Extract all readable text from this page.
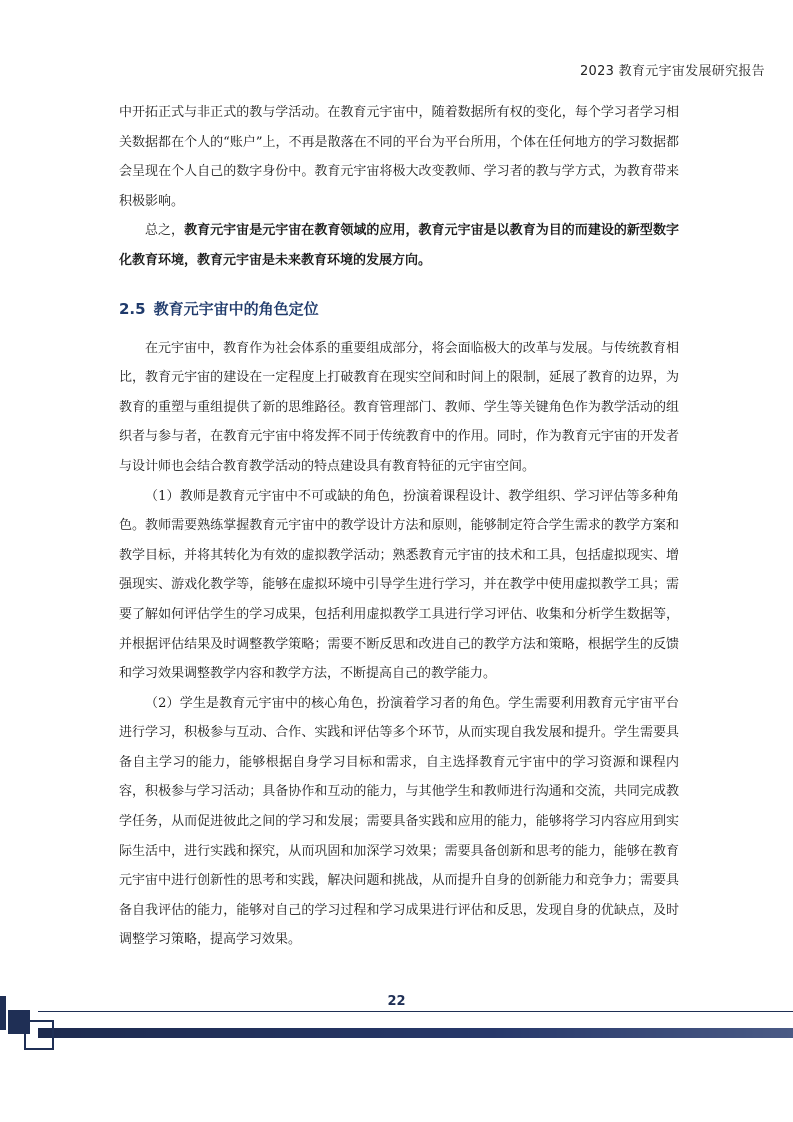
2023 教育元宇宙发展研究报告

中开拓正式与非正式的教与学活动。在教育元宇宙中，随着数据所有权的变化，每个学习者学习相关数据都在个人的“账户”上，不再是散落在不同的平台为平台所用，个体在任何地方的学习数据都会呈现在个人自己的数字身份中。教育元宇宙将极大改变教师、学习者的教与学方式，为教育带来积极影响。

总之，教育元宇宙是元宇宙在教育领域的应用，教育元宇宙是以教育为目的而建设的新型数字化教育环境，教育元宇宙是未来教育环境的发展方向。

2.5 教育元宇宙中的角色定位

在元宇宙中，教育作为社会体系的重要组成部分，将会面临极大的改革与发展。与传统教育相比，教育元宇宙的建设在一定程度上打破教育在现实空间和时间上的限制，延展了教育的边界，为教育的重塑与重组提供了新的思维路径。教育管理部门、教师、学生等关键角色作为教学活动的组织者与参与者，在教育元宇宙中将发挥不同于传统教育中的作用。同时，作为教育元宇宙的开发者与设计师也会结合教育教学活动的特点建设具有教育特征的元宇宙空间。

（1）教师是教育元宇宙中不可或缺的角色，扮演着课程设计、教学组织、学习评估等多种角色。教师需要熟练掌握教育元宇宙中的教学设计方法和原则，能够制定符合学生需求的教学方案和教学目标，并将其转化为有效的虚拟教学活动；熟悉教育元宇宙的技术和工具，包括虚拟现实、增强现实、游戏化教学等，能够在虚拟环境中引导学生进行学习，并在教学中使用虚拟教学工具；需要了解如何评估学生的学习成果，包括利用虚拟教学工具进行学习评估、收集和分析学生数据等，并根据评估结果及时调整教学策略；需要不断反思和改进自己的教学方法和策略，根据学生的反馈和学习效果调整教学内容和教学方法，不断提高自己的教学能力。

（2）学生是教育元宇宙中的核心角色，扮演着学习者的角色。学生需要利用教育元宇宙平台进行学习，积极参与互动、合作、实践和评估等多个环节，从而实现自我发展和提升。学生需要具备自主学习的能力，能够根据自身学习目标和需求，自主选择教育元宇宙中的学习资源和课程内容，积极参与学习活动；具备协作和互动的能力，与其他学生和教师进行沟通和交流，共同完成教学任务，从而促进彼此之间的学习和发展；需要具备实践和应用的能力，能够将学习内容应用到实际生活中，进行实践和探究，从而巩固和加深学习效果；需要具备创新和思考的能力，能够在教育元宇宙中进行创新性的思考和实践，解决问题和挑战，从而提升自身的创新能力和竞争力；需要具备自我评估的能力，能够对自己的学习过程和学习成果进行评估和反思，发现自身的优缺点，及时调整学习策略，提高学习效果。

22
